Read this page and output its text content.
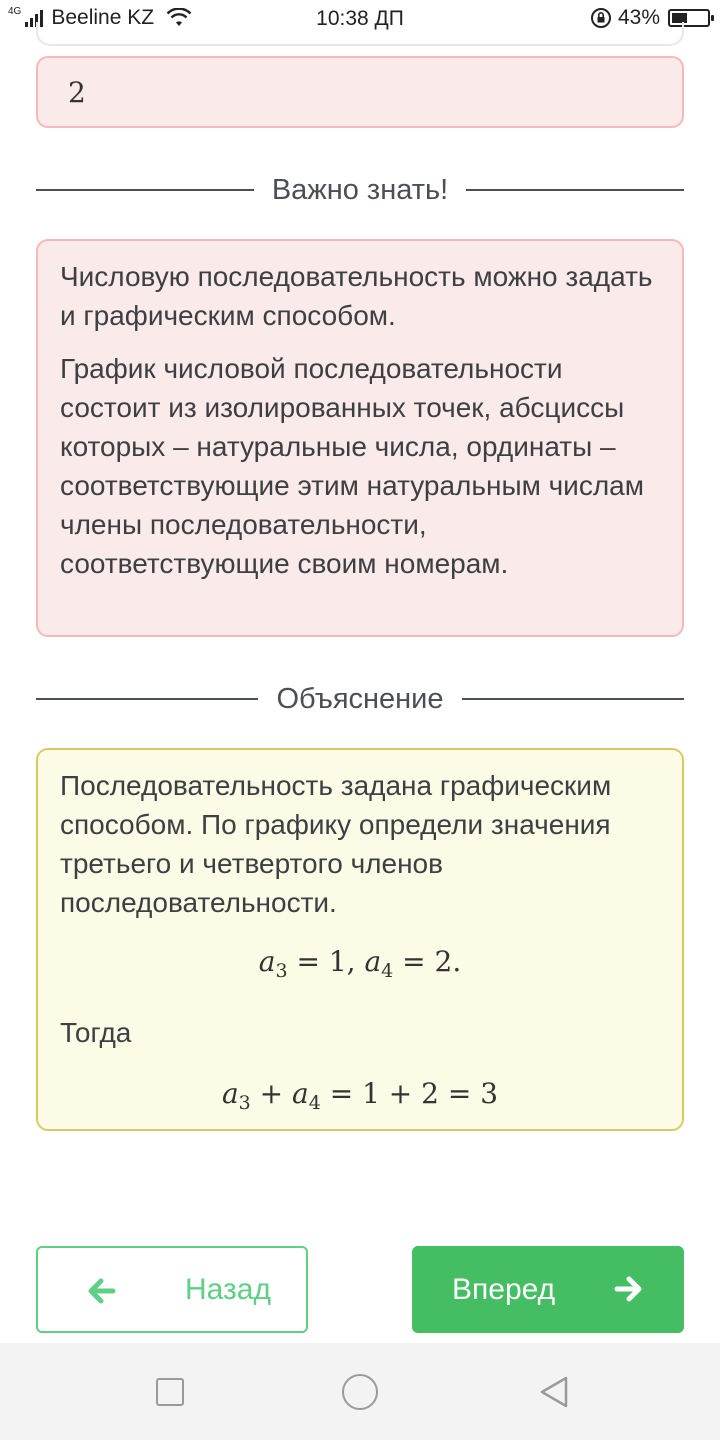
4G Beeline KZ	10:38 ДП	43%
2
Важно знать!

Числовую последовательность можно задать и графическим способом.

График числовой последовательности состоит из изолированных точек, абсциссы которых – натуральные числа, ординаты – соответствующие этим натуральным числам члены последовательности, соответствующие своим номерам.

Объяснение

Последовательность задана графическим способом. По графику определи значения третьего и четвертого членов последовательности.

$a_3 = 1$, $a_4 = 2$.

Тогда

$a_3 + a_4 = 1 + 2 = 3$
Назад	Вперед
